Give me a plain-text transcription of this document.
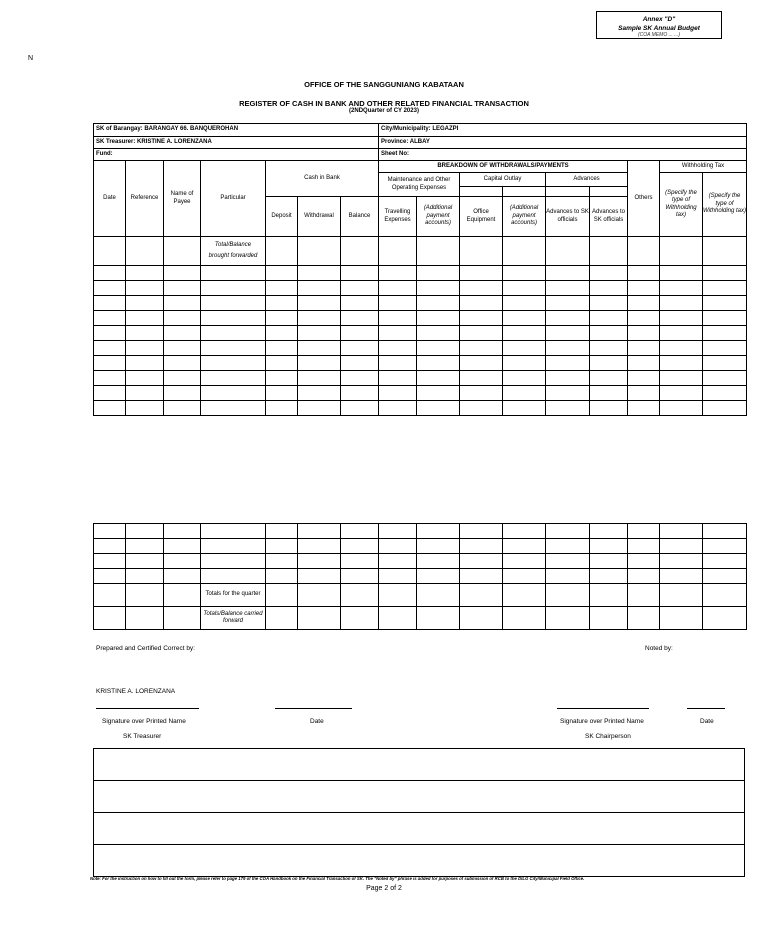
Annex "D"
Sample SK Annual Budget
(COA MEMO ... ...)
N
OFFICE OF THE SANGGUNIANG KABATAAN
REGISTER OF CASH IN BANK AND OTHER RELATED FINANCIAL TRANSACTION
(2NDQuarter of CY 2023)
SK of Barangay: BARANGAY 66. BANQUEROHAN							City/Municipality: LEGAZPI								
SK Treasurer: KRISTINE A. LORENZANA							Province: ALBAY								
Fund:							Sheet No:								
Date	Reference	Name of Payee	Particular	Cash in Bank			BREAKDOWN OF WITHDRAWALS/PAYMENTS						Others	Withholding Tax	
							Maintenance and Other Operating Expenses		Capital Outlay		Advances			(Specify the type of Withholding tax)	(Specify the type of Withholding tax)

				Deposit	Withdrawal	Balance	Travelling Expenses	(Additional payment accounts)	Office Equipment	(Additional payment accounts)	Advances to SK officials	Advances to SK officials			

			Total/Balance
brought forwarded												

			Totals for the quarter												
			Totals/Balance carried forward												
Prepared and Certified Correct by:	Noted by:
KRISTINE A. LORENZANA
Signature over Printed Name	Date
SK Treasurer
Signature over Printed Name	Date
SK Chairperson
Note: For the instruction on how to fill out the form, please refer to page 179 of the COA Handbook on the Financial Transaction of SK. The "Noted by" phrase is added for purposes of submission of RCB to the DILG City/Municipal Field Office.
Page 2 of 2
